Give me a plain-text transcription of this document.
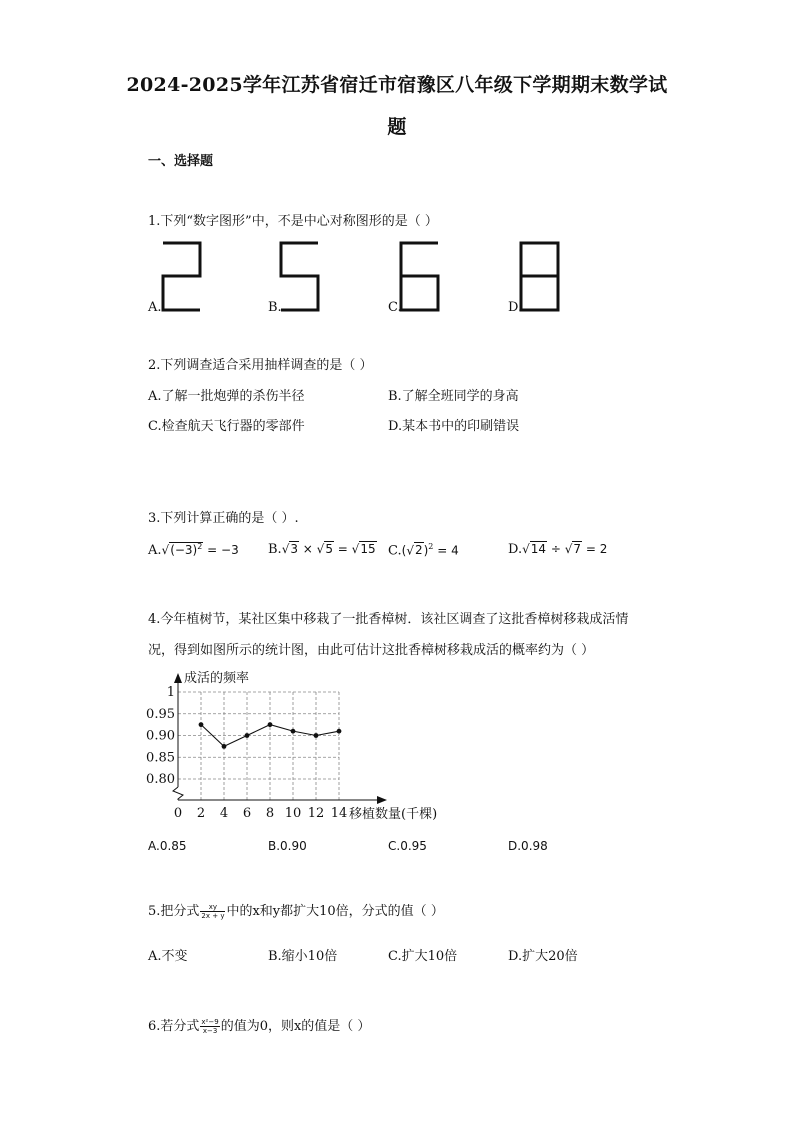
2024-2025学年江苏省宿迁市宿豫区八年级下学期期末数学试
题
一、选择题
1.下列“数字图形”中，不是中心对称图形的是（ ）
A.	B.	C.	D.
2.下列调查适合采用抽样调查的是（ ）
A.了解一批炮弹的杀伤半径	B.了解全班同学的身高
C.检查航天飞行器的零部件	D.某本书中的印刷错误
3.下列计算正确的是（ ）.
$A.√(-3)^2 = -3$ B.√3 × √5 = √15 $C.(√2)^2 = 4$	D.√14 ÷ √7 = 2
4.今年植树节，某社区集中移栽了一批香樟树．该社区调查了这批香樟树移栽成活情
况，得到如图所示的统计图，由此可估计这批香樟树移栽成活的概率约为（ ）
0.80
0.85
0.90
0.95
1
0 2 4 6 8 10 12 14
成活的频率
移植数量(千棵)
A.0.85	B.0.90	C.0.95	D.0.98
5.把分式 $\frac{xy}{2x + y}$ 中的x和y都扩大10倍，分式的值（ ）
A.不变	B.缩小10倍	C.扩大10倍	D.扩大20倍
6.若分式 $\frac{\text{x²−9}}{x-3}$ 的值为0，则x的值是（ ）
